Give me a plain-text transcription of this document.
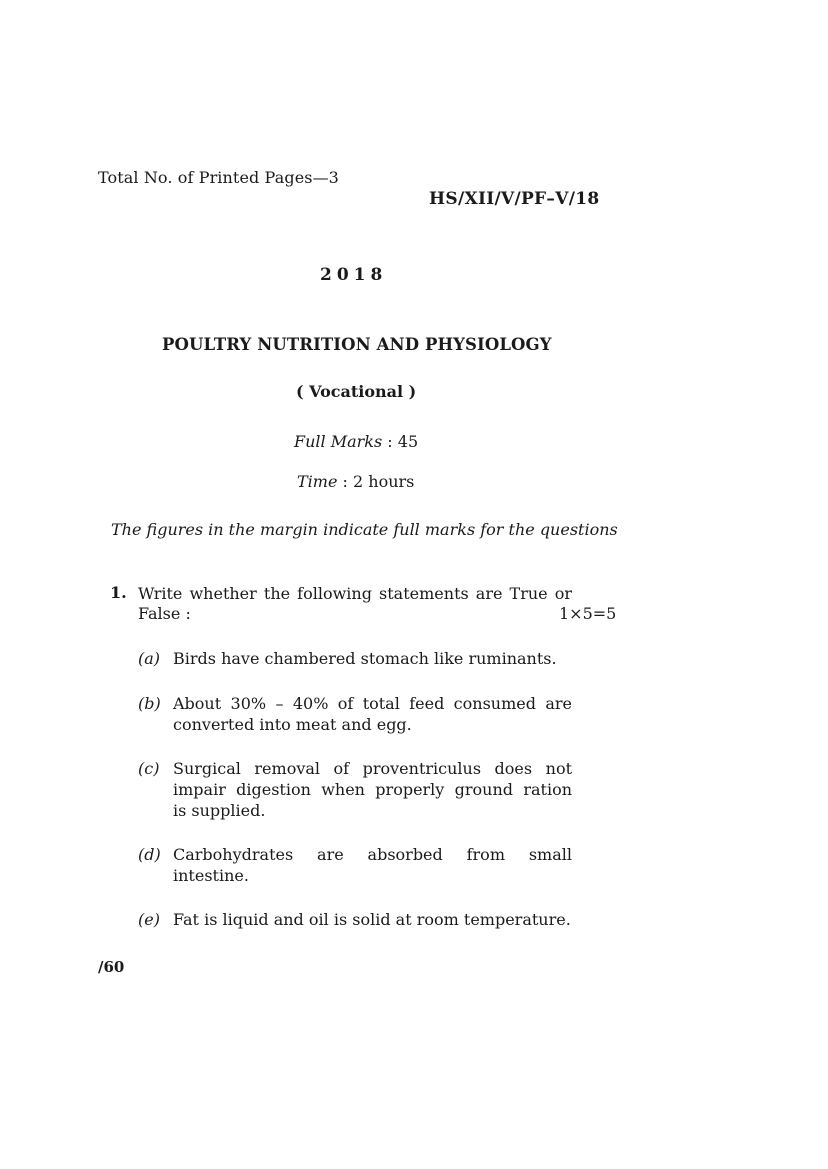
Total No. of Printed Pages—3
HS/XII/V/PF–V/18
2018
POULTRY NUTRITION AND PHYSIOLOGY
( Vocational )
Full Marks : 45
Time : 2 hours
The figures in the margin indicate full marks for the questions
1. Write whether the following statements are True or
False :	1×5=5
(a) Birds have chambered stomach like ruminants.
(b) About 30% – 40% of total feed consumed are
converted into meat and egg.
(c) Surgical removal of proventriculus does not
impair digestion when properly ground ration
is supplied.
(d) Carbohydrates are absorbed from small
intestine.
(e) Fat is liquid and oil is solid at room temperature.
/60
